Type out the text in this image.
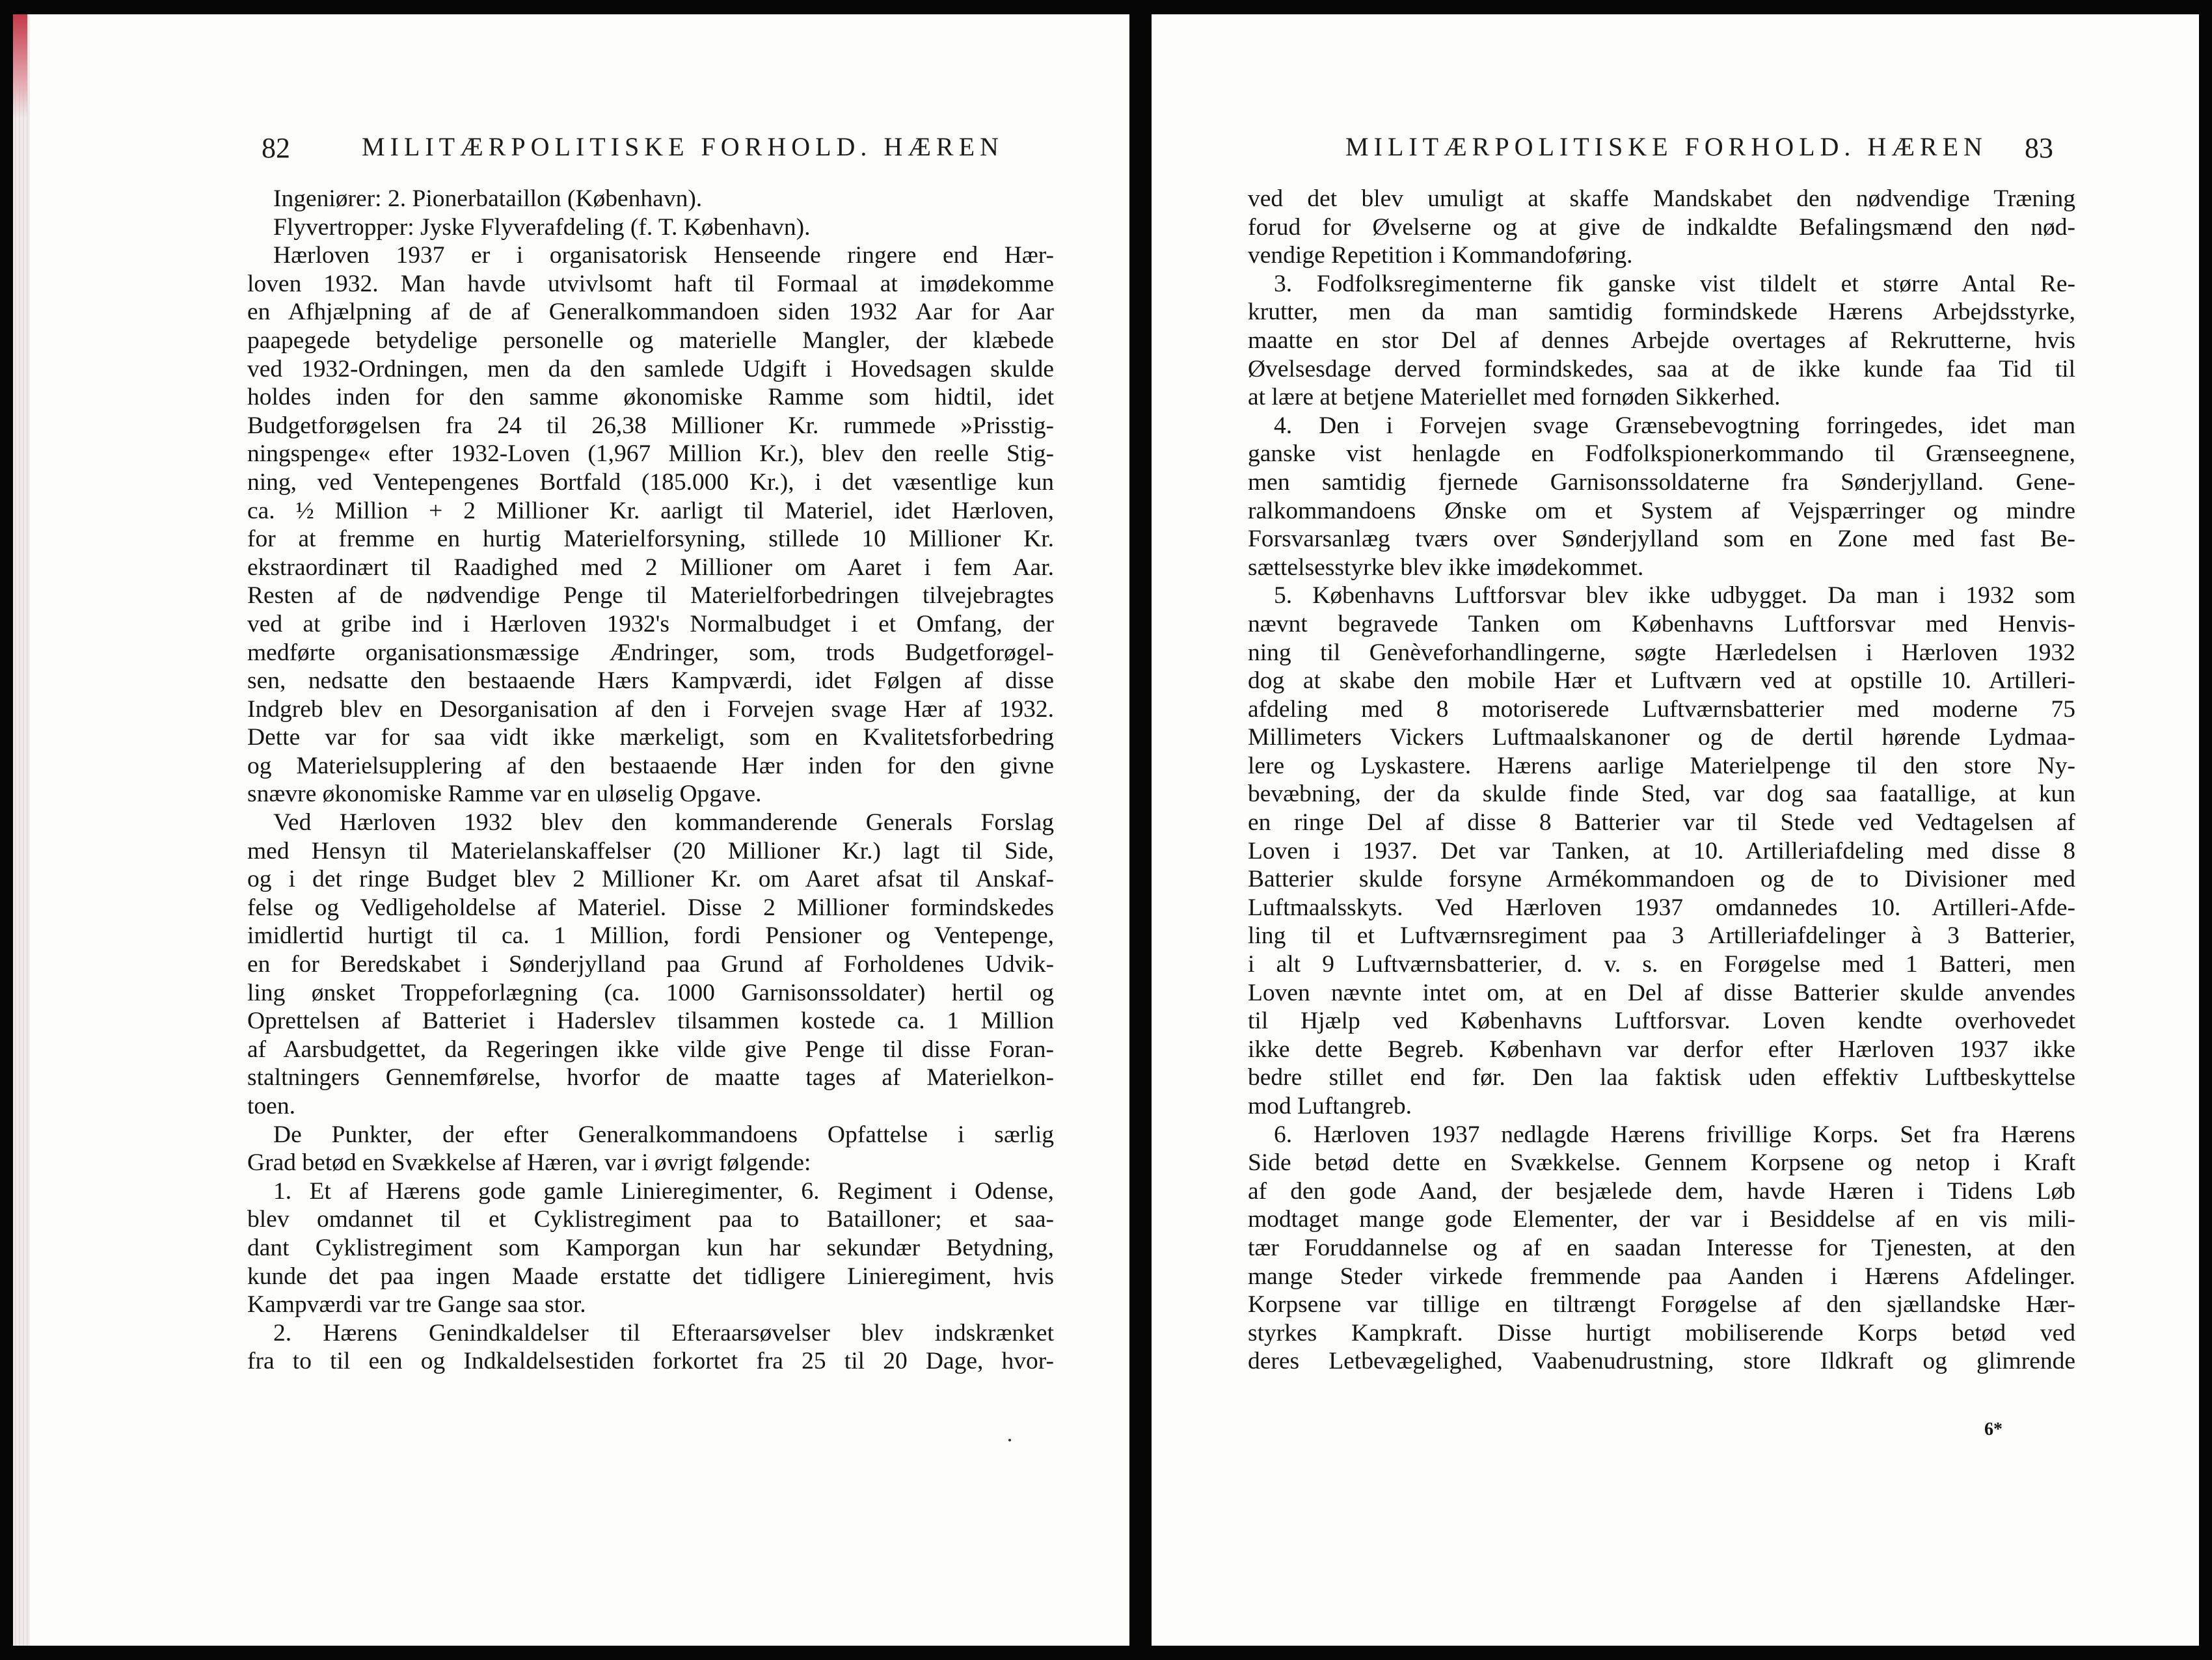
82	MILITÆRPOLITISKE FORHOLD. HÆREN
Ingeniører: 2. Pionerbataillon (København).
Flyvertropper: Jyske Flyverafdeling (f. T. København).
Hærloven 1937 er i organisatorisk Henseende ringere end Hær-
loven 1932. Man havde utvivlsomt haft til Formaal at imødekomme
en Afhjælpning af de af Generalkommandoen siden 1932 Aar for Aar
paapegede betydelige personelle og materielle Mangler, der klæbede
ved 1932-Ordningen, men da den samlede Udgift i Hovedsagen skulde
holdes inden for den samme økonomiske Ramme som hidtil, idet
Budgetforøgelsen fra 24 til 26,38 Millioner Kr. rummede »Prisstig-
ningspenge« efter 1932-Loven (1,967 Million Kr.), blev den reelle Stig-
ning, ved Ventepengenes Bortfald (185.000 Kr.), i det væsentlige kun
ca. ½ Million + 2 Millioner Kr. aarligt til Materiel, idet Hærloven,
for at fremme en hurtig Materielforsyning, stillede 10 Millioner Kr.
ekstraordinært til Raadighed med 2 Millioner om Aaret i fem Aar.
Resten af de nødvendige Penge til Materielforbedringen tilvejebragtes
ved at gribe ind i Hærloven 1932's Normalbudget i et Omfang, der
medførte organisationsmæssige Ændringer, som, trods Budgetforøgel-
sen, nedsatte den bestaaende Hærs Kampværdi, idet Følgen af disse
Indgreb blev en Desorganisation af den i Forvejen svage Hær af 1932.
Dette var for saa vidt ikke mærkeligt, som en Kvalitetsforbedring
og Materielsupplering af den bestaaende Hær inden for den givne
snævre økonomiske Ramme var en uløselig Opgave.
Ved Hærloven 1932 blev den kommanderende Generals Forslag
med Hensyn til Materielanskaffelser (20 Millioner Kr.) lagt til Side,
og i det ringe Budget blev 2 Millioner Kr. om Aaret afsat til Anskaf-
felse og Vedligeholdelse af Materiel. Disse 2 Millioner formindskedes
imidlertid hurtigt til ca. 1 Million, fordi Pensioner og Ventepenge,
en for Beredskabet i Sønderjylland paa Grund af Forholdenes Udvik-
ling ønsket Troppeforlægning (ca. 1000 Garnisonssoldater) hertil og
Oprettelsen af Batteriet i Haderslev tilsammen kostede ca. 1 Million
af Aarsbudgettet, da Regeringen ikke vilde give Penge til disse Foran-
staltningers Gennemførelse, hvorfor de maatte tages af Materielkon-
toen.
De Punkter, der efter Generalkommandoens Opfattelse i særlig
Grad betød en Svækkelse af Hæren, var i øvrigt følgende:
1. Et af Hærens gode gamle Linieregimenter, 6. Regiment i Odense,
blev omdannet til et Cyklistregiment paa to Batailloner; et saa-
dant Cyklistregiment som Kamporgan kun har sekundær Betydning,
kunde det paa ingen Maade erstatte det tidligere Linieregiment, hvis
Kampværdi var tre Gange saa stor.
2. Hærens Genindkaldelser til Efteraarsøvelser blev indskrænket
fra to til een og Indkaldelsestiden forkortet fra 25 til 20 Dage, hvor-
MILITÆRPOLITISKE FORHOLD. HÆREN 83
ved det blev umuligt at skaffe Mandskabet den nødvendige Træning
forud for Øvelserne og at give de indkaldte Befalingsmænd den nød-
vendige Repetition i Kommandoføring.
3. Fodfolksregimenterne fik ganske vist tildelt et større Antal Re-
krutter, men da man samtidig formindskede Hærens Arbejdsstyrke,
maatte en stor Del af dennes Arbejde overtages af Rekrutterne, hvis
Øvelsesdage derved formindskedes, saa at de ikke kunde faa Tid til
at lære at betjene Materiellet med fornøden Sikkerhed.
4. Den i Forvejen svage Grænsebevogtning forringedes, idet man
ganske vist henlagde en Fodfolkspionerkommando til Grænseegnene,
men samtidig fjernede Garnisonssoldaterne fra Sønderjylland. Gene-
ralkommandoens Ønske om et System af Vejspærringer og mindre
Forsvarsanlæg tværs over Sønderjylland som en Zone med fast Be-
sættelsesstyrke blev ikke imødekommet.
5. Københavns Luftforsvar blev ikke udbygget. Da man i 1932 som
nævnt begravede Tanken om Københavns Luftforsvar med Henvis-
ning til Genèveforhandlingerne, søgte Hærledelsen i Hærloven 1932
dog at skabe den mobile Hær et Luftværn ved at opstille 10. Artilleri-
afdeling med 8 motoriserede Luftværnsbatterier med moderne 75
Millimeters Vickers Luftmaalskanoner og de dertil hørende Lydmaa-
lere og Lyskastere. Hærens aarlige Materielpenge til den store Ny-
bevæbning, der da skulde finde Sted, var dog saa faatallige, at kun
en ringe Del af disse 8 Batterier var til Stede ved Vedtagelsen af
Loven i 1937. Det var Tanken, at 10. Artilleriafdeling med disse 8
Batterier skulde forsyne Armékommandoen og de to Divisioner med
Luftmaalsskyts. Ved Hærloven 1937 omdannedes 10. Artilleri-Afde-
ling til et Luftværnsregiment paa 3 Artilleriafdelinger à 3 Batterier,
i alt 9 Luftværnsbatterier, d. v. s. en Forøgelse med 1 Batteri, men
Loven nævnte intet om, at en Del af disse Batterier skulde anvendes
til Hjælp ved Københavns Luftforsvar. Loven kendte overhovedet
ikke dette Begreb. København var derfor efter Hærloven 1937 ikke
bedre stillet end før. Den laa faktisk uden effektiv Luftbeskyttelse
mod Luftangreb.
6. Hærloven 1937 nedlagde Hærens frivillige Korps. Set fra Hærens
Side betød dette en Svækkelse. Gennem Korpsene og netop i Kraft
af den gode Aand, der besjælede dem, havde Hæren i Tidens Løb
modtaget mange gode Elementer, der var i Besiddelse af en vis mili-
tær Foruddannelse og af en saadan Interesse for Tjenesten, at den
mange Steder virkede fremmende paa Aanden i Hærens Afdelinger.
Korpsene var tillige en tiltrængt Forøgelse af den sjællandske Hær-
styrkes Kampkraft. Disse hurtigt mobiliserende Korps betød ved
deres Letbevægelighed, Vaabenudrustning, store Ildkraft og glimrende
6*
